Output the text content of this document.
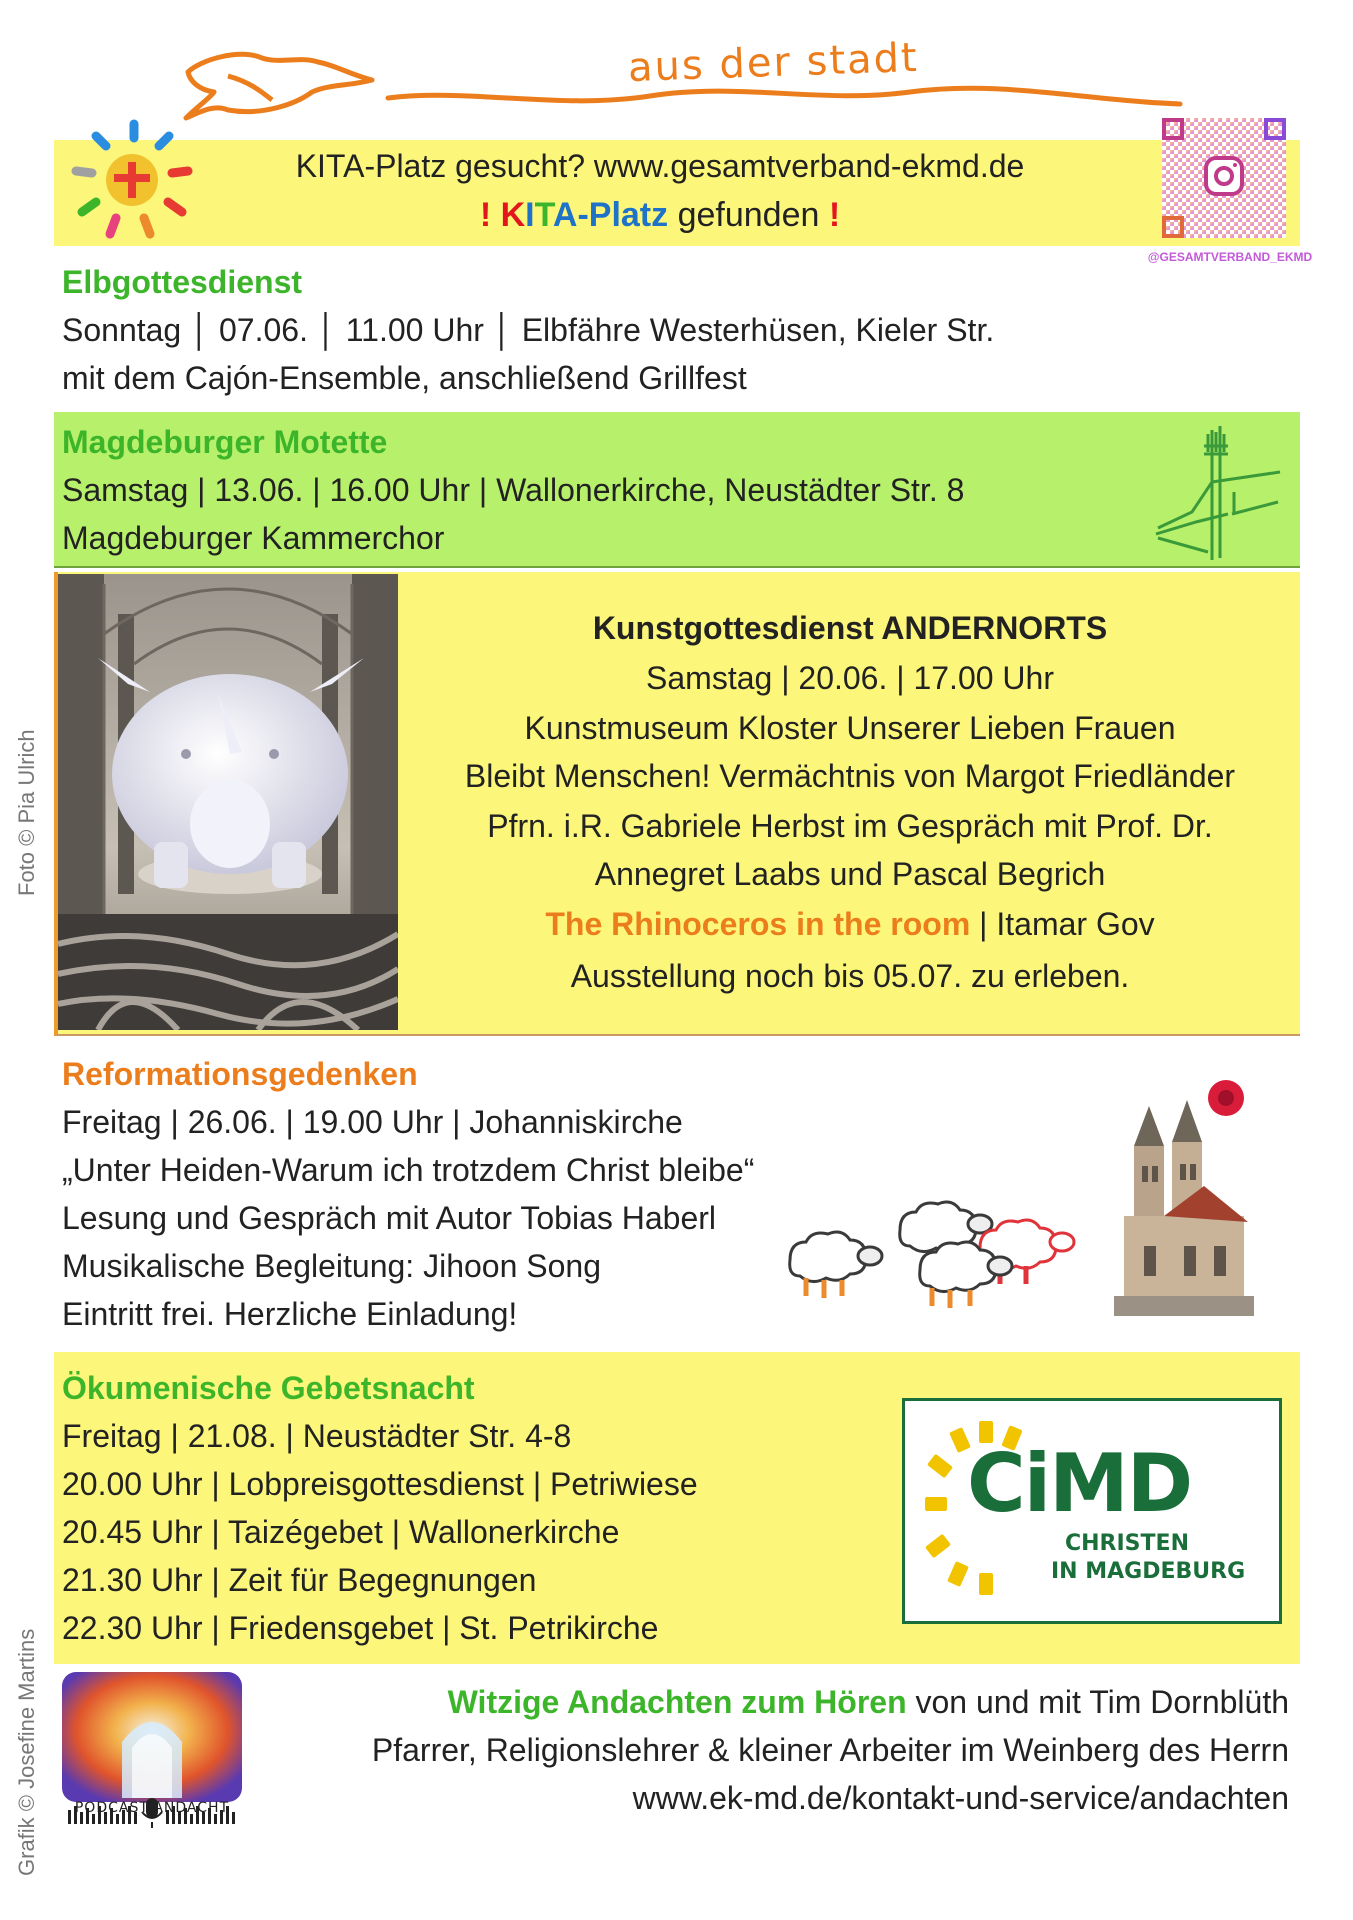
aus der stadt
KITA-Platz gesucht? www.gesamtverband-ekmd.de
! KITA-Platz gefunden !
@GESAMTVERBAND_EKMD
Elbgottesdienst
Sonntag │ 07.06. │ 11.00 Uhr │ Elbfähre Westerhüsen, Kieler Str.
mit dem Cajón-Ensemble, anschließend Grillfest
Magdeburger Motette
Samstag | 13.06. | 16.00 Uhr | Wallonerkirche, Neustädter Str. 8
Magdeburger Kammerchor
Foto © Pia Ulrich
Kunstgottesdienst ANDERNORTS
Samstag | 20.06. | 17.00 Uhr
Kunstmuseum Kloster Unserer Lieben Frauen
Bleibt Menschen! Vermächtnis von Margot Friedländer
Pfrn. i.R. Gabriele Herbst im Gespräch mit Prof. Dr.
Annegret Laabs und Pascal Begrich
The Rhinoceros in the room | Itamar Gov
Ausstellung noch bis 05.07. zu erleben.
Reformationsgedenken
Freitag | 26.06. | 19.00 Uhr | Johanniskirche
„Unter Heiden-Warum ich trotzdem Christ bleibe“
Lesung und Gespräch mit Autor Tobias Haberl
Musikalische Begleitung: Jihoon Song
Eintritt frei. Herzliche Einladung!
Ökumenische Gebetsnacht
Freitag | 21.08. | Neustädter Str. 4-8
20.00 Uhr | Lobpreisgottesdienst | Petriwiese
20.45 Uhr | Taizégebet | Wallonerkirche
21.30 Uhr | Zeit für Begegnungen
22.30 Uhr | Friedensgebet | St. Petrikirche
CiMD
CHRISTEN
IN MAGDEBURG
PODCAST-ANDACHT
Grafik © Josefine Martins	Witzige Andachten zum Hören von und mit Tim Dornblüth
Pfarrer, Religionslehrer & kleiner Arbeiter im Weinberg des Herrn
www.ek-md.de/kontakt-und-service/andachten
